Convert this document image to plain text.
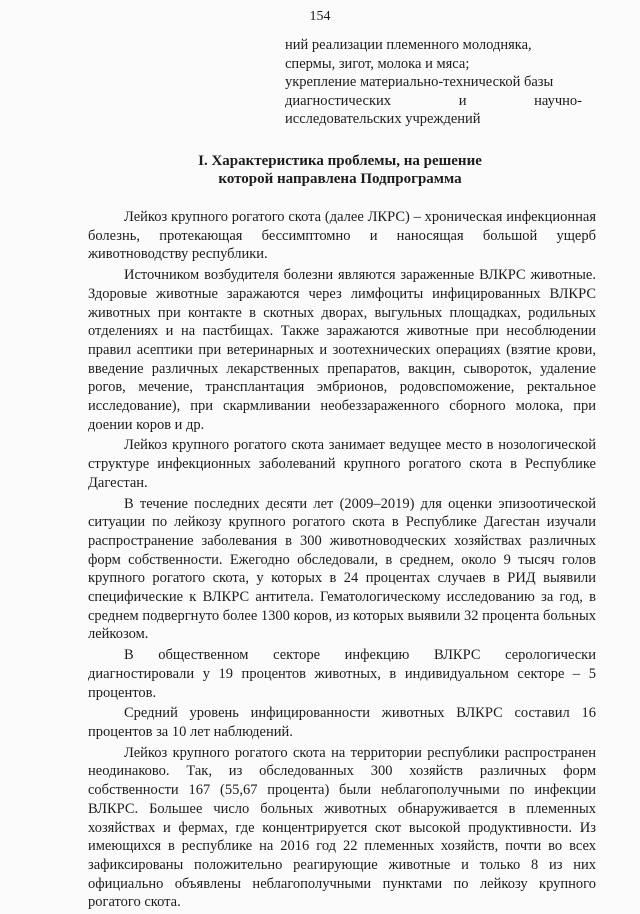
154
ний реализации племенного молодняка,
спермы, зигот, молока и мяса;
укрепление материально-технической базы
диагностических	и	научно-
исследовательских учреждений
I. Характеристика проблемы, на решение
которой направлена Подпрограмма

Лейкоз крупного рогатого скота (далее ЛКРС) – хроническая инфекционная болезнь, протекающая бессимптомно и наносящая большой ущерб животноводству республики.

Источником возбудителя болезни являются зараженные ВЛКРС животные. Здоровые животные заражаются через лимфоциты инфицированных ВЛКРС животных при контакте в скотных дворах, выгульных площадках, родильных отделениях и на пастбищах. Также заражаются животные при несоблюдении правил асептики при ветеринарных и зоотехнических операциях (взятие крови, введение различных лекарственных препаратов, вакцин, сывороток, удаление рогов, мечение, трансплантация эмбрионов, родовспоможение, ректальное исследование), при скармливании необеззараженного сборного молока, при доении коров и др.

Лейкоз крупного рогатого скота занимает ведущее место в нозологической структуре инфекционных заболеваний крупного рогатого скота в Республике Дагестан.

В течение последних десяти лет (2009–2019) для оценки эпизоотической ситуации по лейкозу крупного рогатого скота в Республике Дагестан изучали распространение заболевания в 300 животноводческих хозяйствах различных форм собственности. Ежегодно обследовали, в среднем, около 9 тысяч голов крупного рогатого скота, у которых в 24 процентах случаев в РИД выявили специфические к ВЛКРС антитела. Гематологическому исследованию за год, в среднем подвергнуто более 1300 коров, из которых выявили 32 процента больных лейкозом.

В общественном секторе инфекцию ВЛКРС серологически диагностировали у 19 процентов животных, в индивидуальном секторе – 5 процентов.

Средний уровень инфицированности животных ВЛКРС составил 16 процентов за 10 лет наблюдений.

Лейкоз крупного рогатого скота на территории республики распространен неодинаково. Так, из обследованных 300 хозяйств различных форм собственности 167 (55,67 процента) были неблагополучными по инфекции ВЛКРС. Большее число больных животных обнаруживается в племенных хозяйствах и фермах, где концентрируется скот высокой продуктивности. Из имеющихся в республике на 2016 год 22 племенных хозяйств, почти во всех зафиксированы положительно реагирующие животные и только 8 из них официально объявлены неблагополучными пунктами по лейкозу крупного рогатого скота.
